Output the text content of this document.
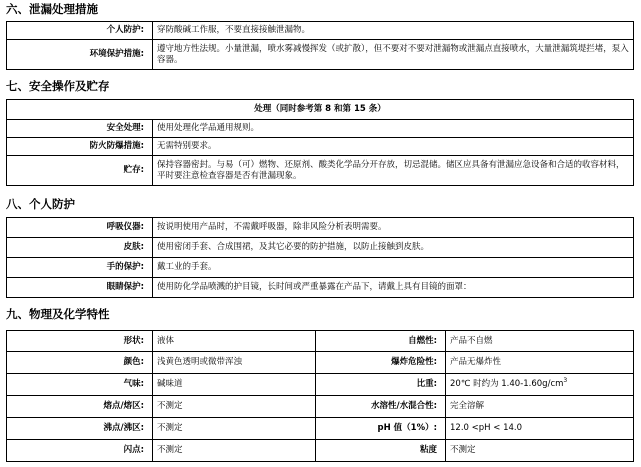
六、泄漏处理措施
个人防护:	穿防酸碱工作服，不要直接接触泄漏物。
环境保护措施:	遵守地方性法规。小量泄漏，喷水雾减慢挥发（或扩散），但不要对不要对泄漏物或泄漏点直接喷水，大量泄漏筑堤拦堵，泵入容器。
七、安全操作及贮存
处理（同时参考第 8 和第 15 条）	
安全处理:	使用处理化学品通用规则。
防火防爆措施:	无需特别要求。
贮存:	保持容器密封。与易（可）燃物、还原剂、酸类化学品分开存放，切忌混储。储区应具备有泄漏应急设备和合适的收容材料，平时要注意检查容器是否有泄漏现象。
八、个人防护
呼吸仪器:	按说明使用产品时，不需戴呼吸器，除非风险分析表明需要。
皮肤:	使用密闭手套、合成围裙，及其它必要的防护措施，以防止接触到皮肤。
手的保护:	戴工业的手套。
眼睛保护:	使用防化学品喷溅的护目镜，长时间或严重暴露在产品下，请戴上具有目镜的面罩：
九、物理及化学特性
形状:	液体	自燃性:	产品不自燃
颜色:	浅黄色透明或微带浑浊	爆炸危险性:	产品无爆炸性
气味:	碱味道	比重:	20℃ 时约为 $1.40-1.60g/cm^3$
熔点/熔区:	不测定	水溶性/水混合性:	完全溶解
沸点/沸区:	不测定	pH 值（1%）:	12.0 <pH < 14.0
闪点:	不测定	粘度	不测定
